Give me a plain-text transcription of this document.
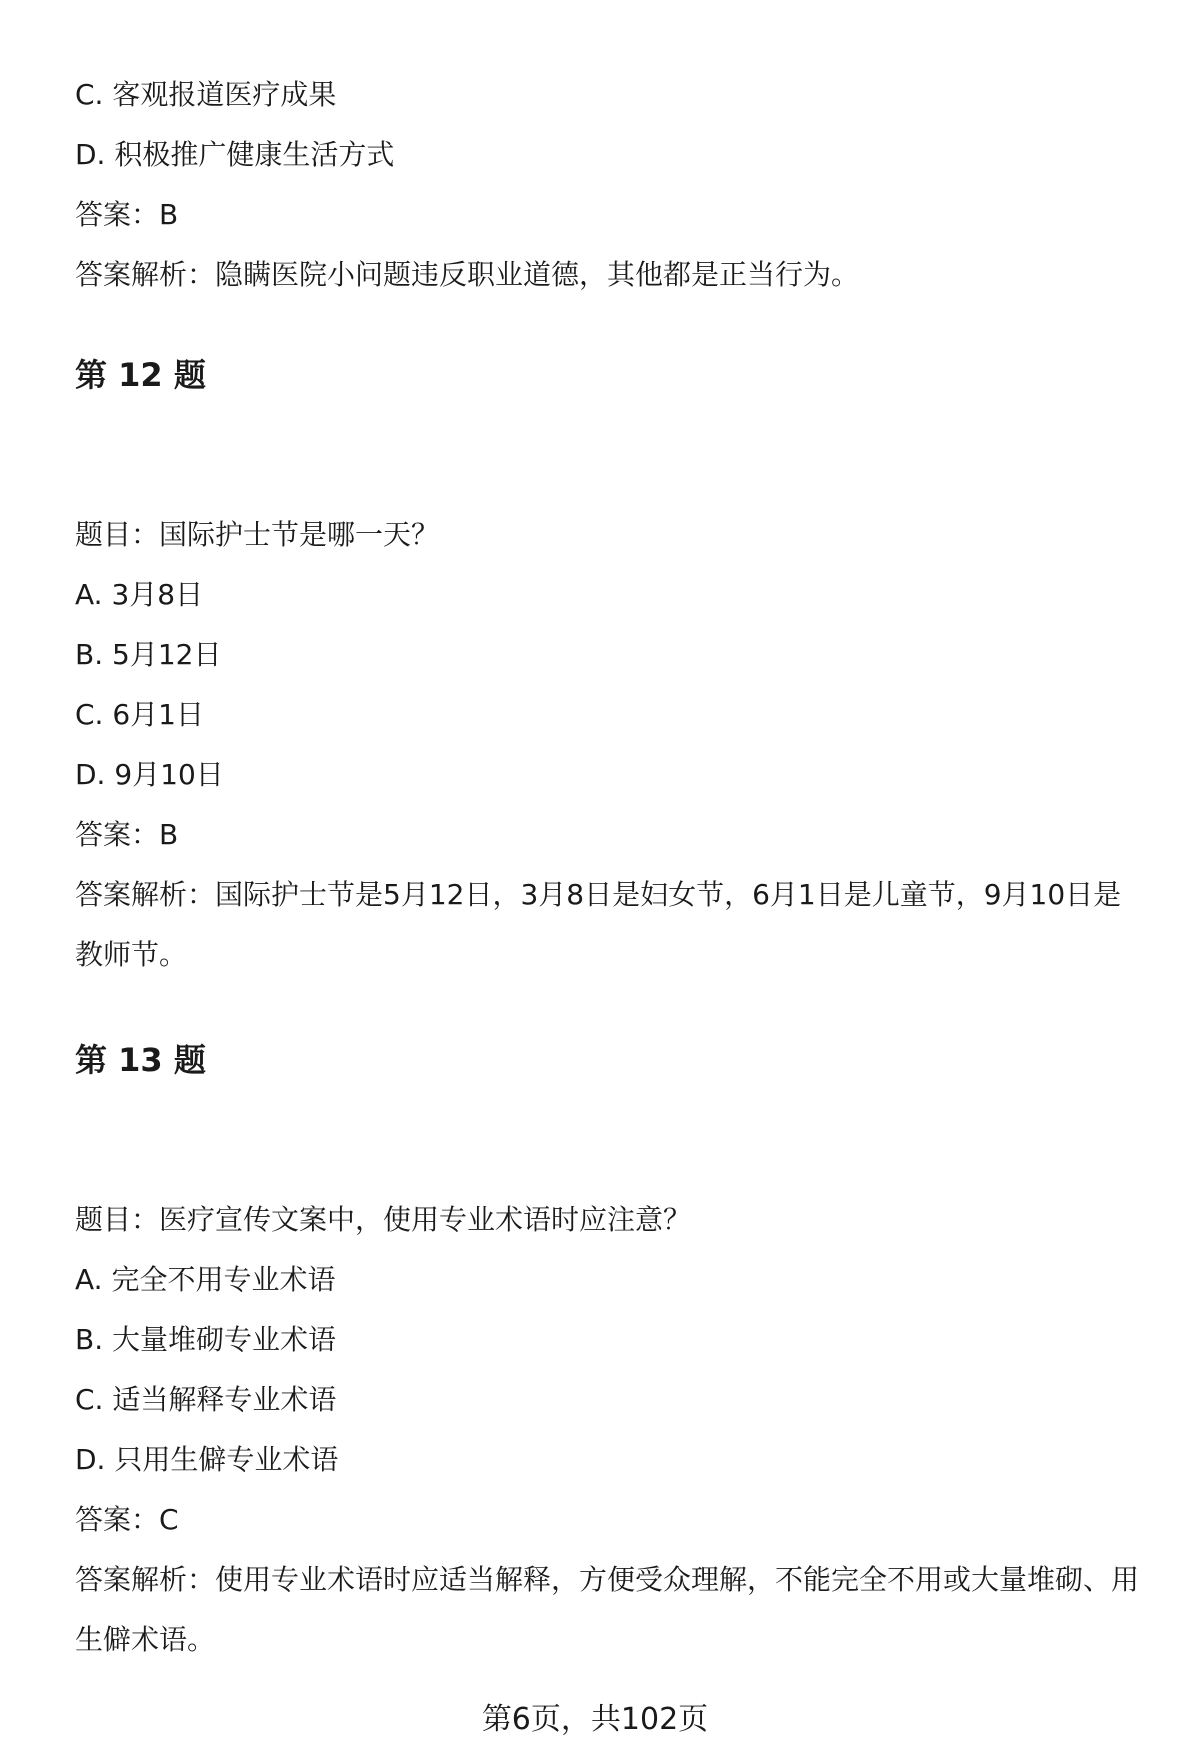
C. 客观报道医疗成果
D. 积极推广健康生活方式
答案：B
答案解析：隐瞒医院小问题违反职业道德，其他都是正当行为。
第 12 题
题目：国际护士节是哪一天？
A. 3月8日
B. 5月12日
C. 6月1日
D. 9月10日
答案：B
答案解析：国际护士节是5月12日，3月8日是妇女节，6月1日是儿童节，9月10日是教师节。
第 13 题
题目：医疗宣传文案中，使用专业术语时应注意？
A. 完全不用专业术语
B. 大量堆砌专业术语
C. 适当解释专业术语
D. 只用生僻专业术语
答案：C
答案解析：使用专业术语时应适当解释，方便受众理解，不能完全不用或大量堆砌、用生僻术语。
第6页，共102页
